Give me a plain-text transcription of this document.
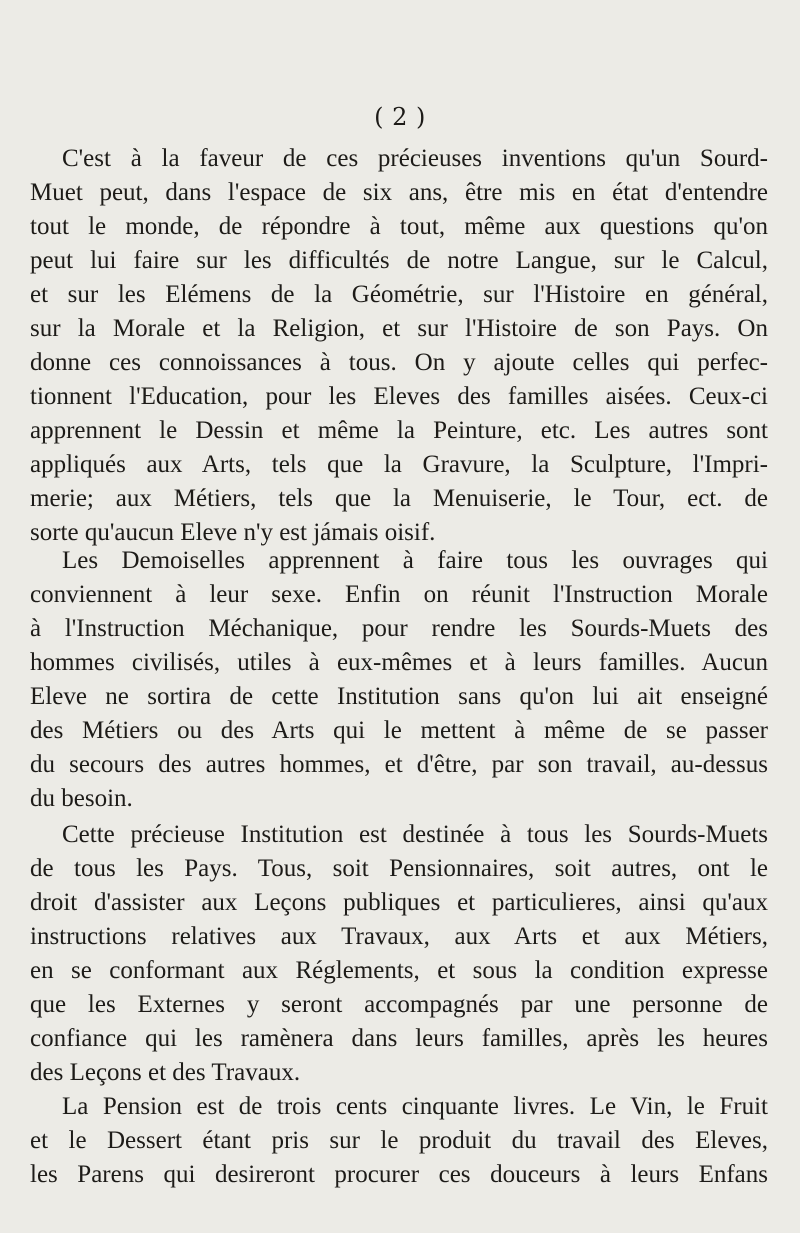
( 2 )
C'est à la faveur de ces précieuses inventions qu'un Sourd-
Muet peut, dans l'espace de six ans, être mis en état d'entendre
tout le monde, de répondre à tout, même aux questions qu'on
peut lui faire sur les difficultés de notre Langue, sur le Calcul,
et sur les Elémens de la Géométrie, sur l'Histoire en général,
sur la Morale et la Religion, et sur l'Histoire de son Pays. On
donne ces connoissances à tous. On y ajoute celles qui perfec-
tionnent l'Education, pour les Eleves des familles aisées. Ceux-ci
apprennent le Dessin et même la Peinture, etc. Les autres sont
appliqués aux Arts, tels que la Gravure, la Sculpture, l'Impri-
merie; aux Métiers, tels que la Menuiserie, le Tour, ect. de
sorte qu'aucun Eleve n'y est jámais oisif.
Les Demoiselles apprennent à faire tous les ouvrages qui
conviennent à leur sexe. Enfin on réunit l'Instruction Morale
à l'Instruction Méchanique, pour rendre les Sourds-Muets des
hommes civilisés, utiles à eux-mêmes et à leurs familles. Aucun
Eleve ne sortira de cette Institution sans qu'on lui ait enseigné
des Métiers ou des Arts qui le mettent à même de se passer
du secours des autres hommes, et d'être, par son travail, au-dessus
du besoin.
Cette précieuse Institution est destinée à tous les Sourds-Muets
de tous les Pays. Tous, soit Pensionnaires, soit autres, ont le
droit d'assister aux Leçons publiques et particulieres, ainsi qu'aux
instructions relatives aux Travaux, aux Arts et aux Métiers,
en se conformant aux Réglements, et sous la condition expresse
que les Externes y seront accompagnés par une personne de
confiance qui les ramènera dans leurs familles, après les heures
des Leçons et des Travaux.
La Pension est de trois cents cinquante livres. Le Vin, le Fruit
et le Dessert étant pris sur le produit du travail des Eleves,
les Parens qui desireront procurer ces douceurs à leurs Enfans
